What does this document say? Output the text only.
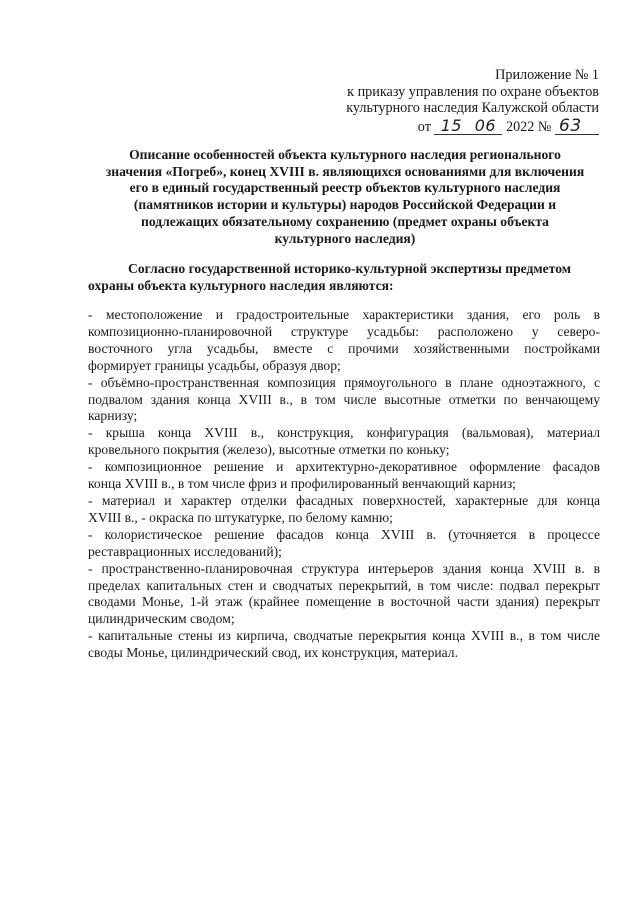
Приложение № 1
к приказу управления по охране объектов
культурного наследия Калужской области
от 15 06 2022 № 63
Описание особенностей объекта культурного наследия регионального
значения «Погреб», конец XVIII в. являющихся основаниями для включения
его в единый государственный реестр объектов культурного наследия
(памятников истории и культуры) народов Российской Федерации и
подлежащих обязательному сохранению (предмет охраны объекта
культурного наследия)
Согласно государственной историко-культурной экспертизы предметом
охраны объекта культурного наследия являются:
- местоположение и градостроительные характеристики здания, его роль в
композиционно-планировочной структуре усадьбы: расположено у северо-
восточного угла усадьбы, вместе с прочими хозяйственными постройками
формирует границы усадьбы, образуя двор;
- объёмно-пространственная композиция прямоугольного в плане одноэтажного, с
подвалом здания конца XVIII в., в том числе высотные отметки по венчающему
карнизу;
- крыша конца XVIII в., конструкция, конфигурация (вальмовая), материал
кровельного покрытия (железо), высотные отметки по коньку;
- композиционное решение и архитектурно-декоративное оформление фасадов
конца XVIII в., в том числе фриз и профилированный венчающий карниз;
- материал и характер отделки фасадных поверхностей, характерные для конца
XVIII в., - окраска по штукатурке, по белому камню;
- колористическое решение фасадов конца XVIII в. (уточняется в процессе
реставрационных исследований);
- пространственно-планировочная структура интерьеров здания конца XVIII в. в
пределах капитальных стен и сводчатых перекрытий, в том числе: подвал перекрыт
сводами Монье, 1-й этаж (крайнее помещение в восточной части здания) перекрыт
цилиндрическим сводом;
- капитальные стены из кирпича, сводчатые перекрытия конца XVIII в., в том числе
своды Монье, цилиндрический свод, их конструкция, материал.
